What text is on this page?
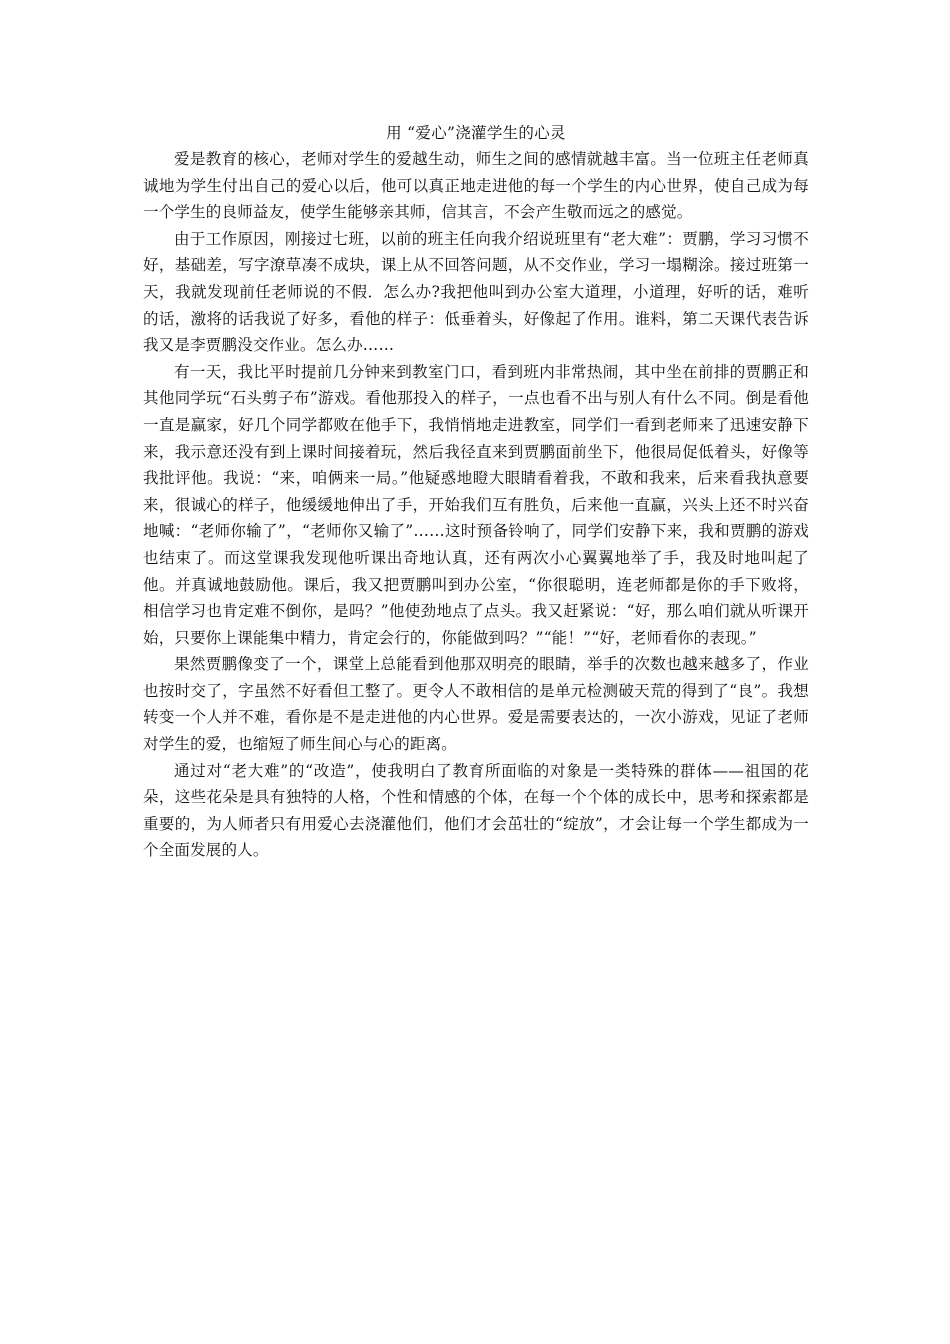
用 “爱心”浇灌学生的心灵

爱是教育的核心，老师对学生的爱越生动，师生之间的感情就越丰富。当一位班主任老师真诚地为学生付出自己的爱心以后，他可以真正地走进他的每一个学生的内心世界，使自己成为每一个学生的良师益友，使学生能够亲其师，信其言，不会产生敬而远之的感觉。

由于工作原因，刚接过七班，以前的班主任向我介绍说班里有“老大难”：贾鹏，学习习惯不好，基础差，写字潦草凑不成块，课上从不回答问题，从不交作业，学习一塌糊涂。接过班第一天，我就发现前任老师说的不假．怎么办?我把他叫到办公室大道理，小道理，好听的话，难听的话，激将的话我说了好多，看他的样子：低垂着头，好像起了作用。谁料，第二天课代表告诉我又是李贾鹏没交作业。怎么办……

有一天，我比平时提前几分钟来到教室门口，看到班内非常热闹，其中坐在前排的贾鹏正和其他同学玩“石头剪子布”游戏。看他那投入的样子，一点也看不出与别人有什么不同。倒是看他一直是赢家，好几个同学都败在他手下，我悄悄地走进教室，同学们一看到老师来了迅速安静下来，我示意还没有到上课时间接着玩，然后我径直来到贾鹏面前坐下，他很局促低着头，好像等我批评他。我说：“来，咱俩来一局。”他疑惑地瞪大眼睛看着我，不敢和我来，后来看我执意要来，很诚心的样子，他缓缓地伸出了手，开始我们互有胜负，后来他一直赢，兴头上还不时兴奋地喊：“老师你输了”，“老师你又输了”……这时预备铃响了，同学们安静下来，我和贾鹏的游戏也结束了。而这堂课我发现他听课出奇地认真，还有两次小心翼翼地举了手，我及时地叫起了他。并真诚地鼓励他。课后，我又把贾鹏叫到办公室，“你很聪明，连老师都是你的手下败将，相信学习也肯定难不倒你，是吗？”他使劲地点了点头。我又赶紧说：“好，那么咱们就从听课开始，只要你上课能集中精力，肯定会行的，你能做到吗？”“能！”“好，老师看你的表现。”

果然贾鹏像变了一个，课堂上总能看到他那双明亮的眼睛，举手的次数也越来越多了，作业也按时交了，字虽然不好看但工整了。更令人不敢相信的是单元检测破天荒的得到了“良”。我想转变一个人并不难，看你是不是走进他的内心世界。爱是需要表达的，一次小游戏，见证了老师对学生的爱，也缩短了师生间心与心的距离。

通过对“老大难”的“改造”，使我明白了教育所面临的对象是一类特殊的群体——祖国的花朵，这些花朵是具有独特的人格，个性和情感的个体，在每一个个体的成长中，思考和探索都是重要的，为人师者只有用爱心去浇灌他们，他们才会茁壮的“绽放”，才会让每一个学生都成为一个全面发展的人。
